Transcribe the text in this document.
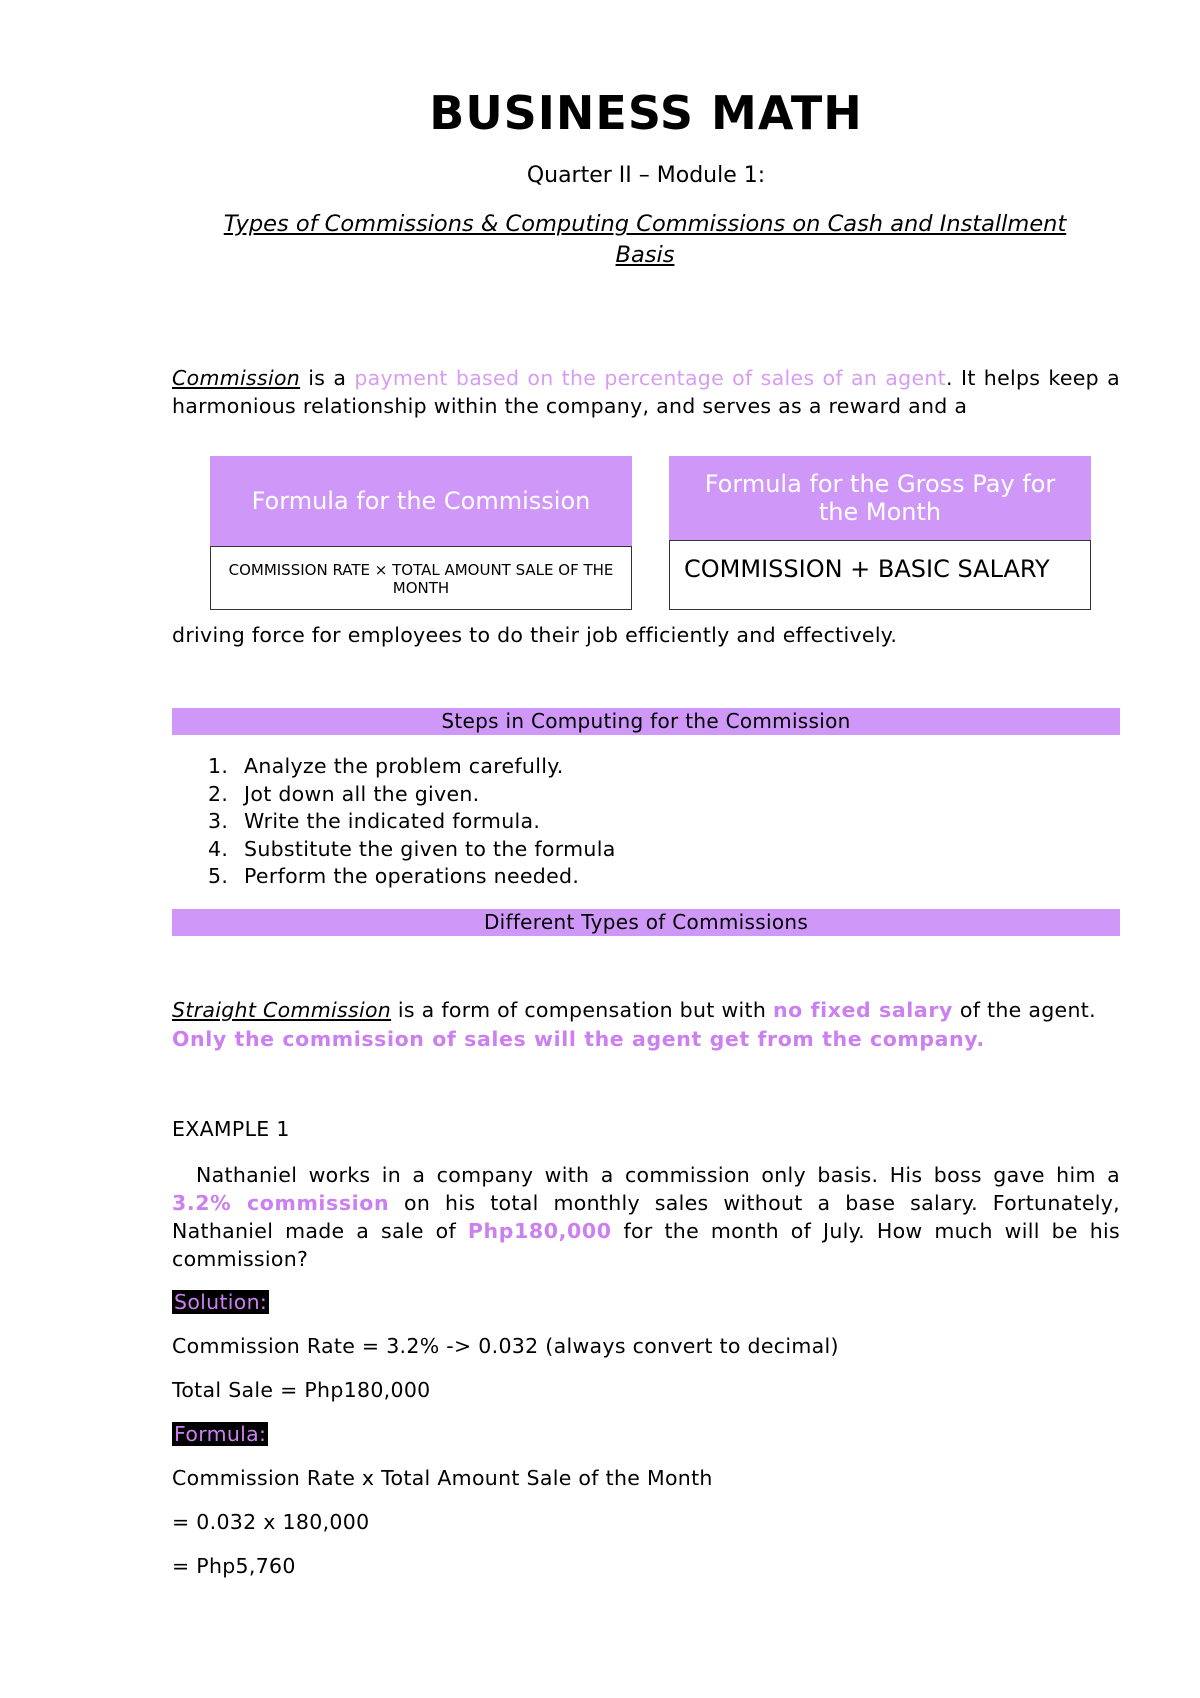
BUSINESS MATH
Quarter II – Module 1:
Types of Commissions & Computing Commissions on Cash and Installment
Basis
Commission is a payment based on the percentage of sales of an agent. It helps keep a harmonious relationship within the company, and serves as a reward and a
Formula for the Commission
COMMISSION RATE × TOTAL AMOUNT SALE OF THE MONTH
Formula for the Gross Pay for the Month
COMMISSION + BASIC SALARY
driving force for employees to do their job efficiently and effectively.
Steps in Computing for the Commission
1. Analyze the problem carefully.
2. Jot down all the given.
3. Write the indicated formula.
4. Substitute the given to the formula
5. Perform the operations needed.
Different Types of Commissions
Straight Commission is a form of compensation but with no fixed salary of the agent. Only the commission of sales will the agent get from the company.
EXAMPLE 1
Nathaniel works in a company with a commission only basis. His boss gave him a 3.2% commission on his total monthly sales without a base salary. Fortunately, Nathaniel made a sale of Php180,000 for the month of July. How much will be his commission?
Solution:
Commission Rate = 3.2% -> 0.032 (always convert to decimal)
Total Sale = Php180,000
Formula:
Commission Rate x Total Amount Sale of the Month
= 0.032 x 180,000
= Php5,760
